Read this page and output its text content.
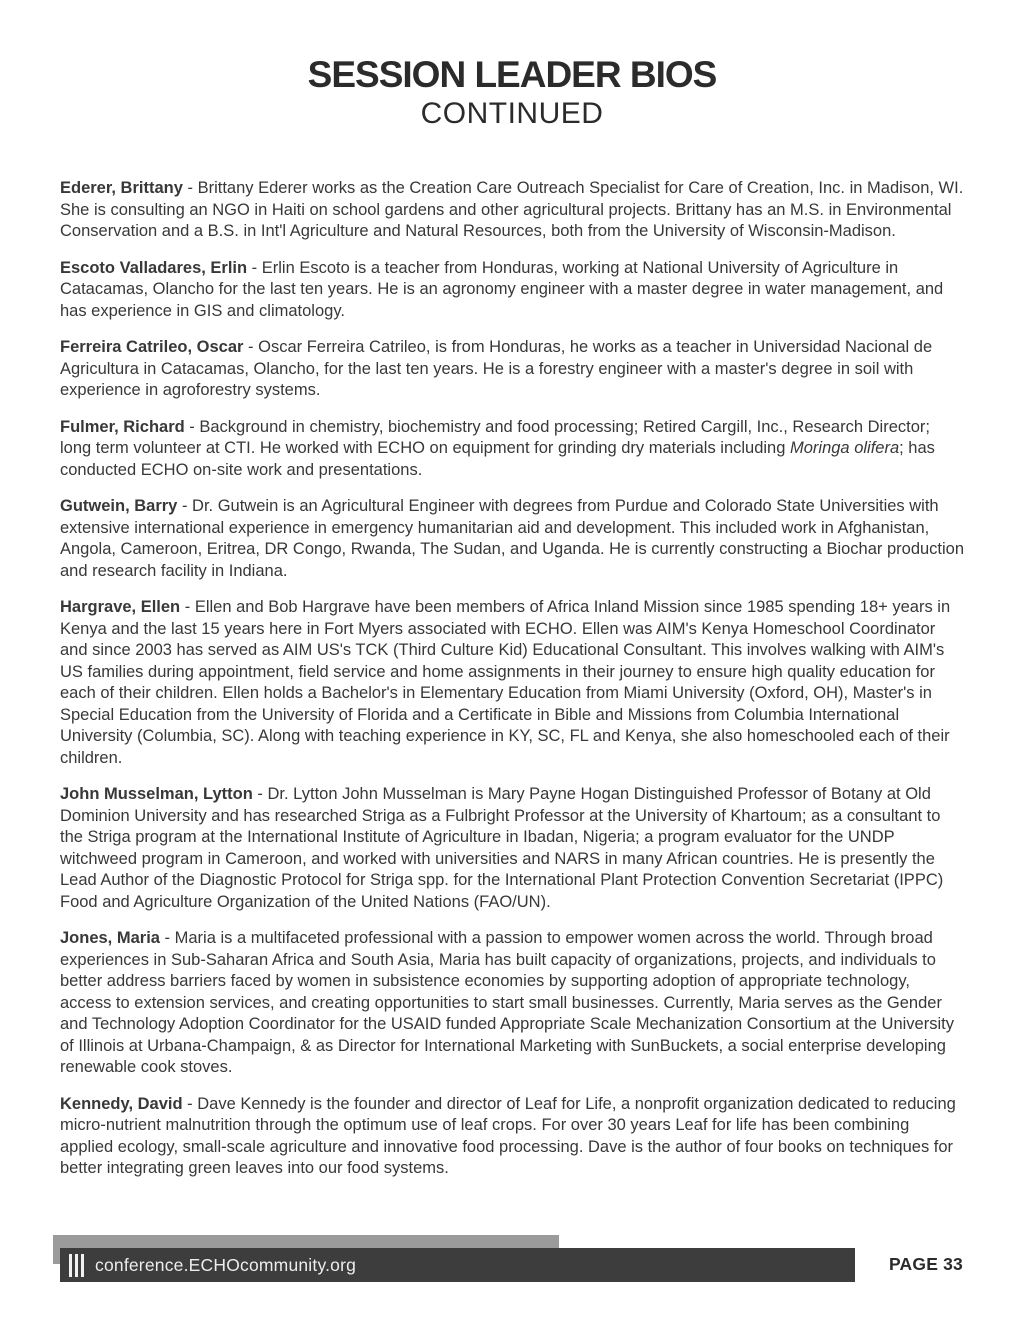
SESSION LEADER BIOS
CONTINUED

Ederer, Brittany - Brittany Ederer works as the Creation Care Outreach Specialist for Care of Creation, Inc. in Madison, WI. She is consulting an NGO in Haiti on school gardens and other agricultural projects. Brittany has an M.S. in Environmental Conservation and a B.S. in Int'l Agriculture and Natural Resources, both from the University of Wisconsin-Madison.

Escoto Valladares, Erlin - Erlin Escoto is a teacher from Honduras, working at National University of Agriculture in Catacamas, Olancho for the last ten years. He is an agronomy engineer with a master degree in water management, and has experience in GIS and climatology.

Ferreira Catrileo, Oscar - Oscar Ferreira Catrileo, is from Honduras, he works as a teacher in Universidad Nacional de Agricultura in Catacamas, Olancho, for the last ten years. He is a forestry engineer with a master's degree in soil with experience in agroforestry systems.

Fulmer, Richard - Background in chemistry, biochemistry and food processing; Retired Cargill, Inc., Research Director; long term volunteer at CTI. He worked with ECHO on equipment for grinding dry materials including Moringa olifera; has conducted ECHO on-site work and presentations.

Gutwein, Barry - Dr. Gutwein is an Agricultural Engineer with degrees from Purdue and Colorado State Universities with extensive international experience in emergency humanitarian aid and development. This included work in Afghanistan, Angola, Cameroon, Eritrea, DR Congo, Rwanda, The Sudan, and Uganda. He is currently constructing a Biochar production and research facility in Indiana.

Hargrave, Ellen - Ellen and Bob Hargrave have been members of Africa Inland Mission since 1985 spending 18+ years in Kenya and the last 15 years here in Fort Myers associated with ECHO. Ellen was AIM's Kenya Homeschool Coordinator and since 2003 has served as AIM US's TCK (Third Culture Kid) Educational Consultant. This involves walking with AIM's US families during appointment, field service and home assignments in their journey to ensure high quality education for each of their children. Ellen holds a Bachelor's in Elementary Education from Miami University (Oxford, OH), Master's in Special Education from the University of Florida and a Certificate in Bible and Missions from Columbia International University (Columbia, SC). Along with teaching experience in KY, SC, FL and Kenya, she also homeschooled each of their children.

John Musselman, Lytton - Dr. Lytton John Musselman is Mary Payne Hogan Distinguished Professor of Botany at Old Dominion University and has researched Striga as a Fulbright Professor at the University of Khartoum; as a consultant to the Striga program at the International Institute of Agriculture in Ibadan, Nigeria; a program evaluator for the UNDP witchweed program in Cameroon, and worked with universities and NARS in many African countries. He is presently the Lead Author of the Diagnostic Protocol for Striga spp. for the International Plant Protection Convention Secretariat (IPPC) Food and Agriculture Organization of the United Nations (FAO/UN).

Jones, Maria - Maria is a multifaceted professional with a passion to empower women across the world. Through broad experiences in Sub-Saharan Africa and South Asia, Maria has built capacity of organizations, projects, and individuals to better address barriers faced by women in subsistence economies by supporting adoption of appropriate technology, access to extension services, and creating opportunities to start small businesses. Currently, Maria serves as the Gender and Technology Adoption Coordinator for the USAID funded Appropriate Scale Mechanization Consortium at the University of Illinois at Urbana-Champaign, & as Director for International Marketing with SunBuckets, a social enterprise developing renewable cook stoves.

Kennedy, David - Dave Kennedy is the founder and director of Leaf for Life, a nonprofit organization dedicated to reducing micro-nutrient malnutrition through the optimum use of leaf crops. For over 30 years Leaf for life has been combining applied ecology, small-scale agriculture and innovative food processing. Dave is the author of four books on techniques for better integrating green leaves into our food systems.

conference.ECHOcommunity.org	PAGE 33
